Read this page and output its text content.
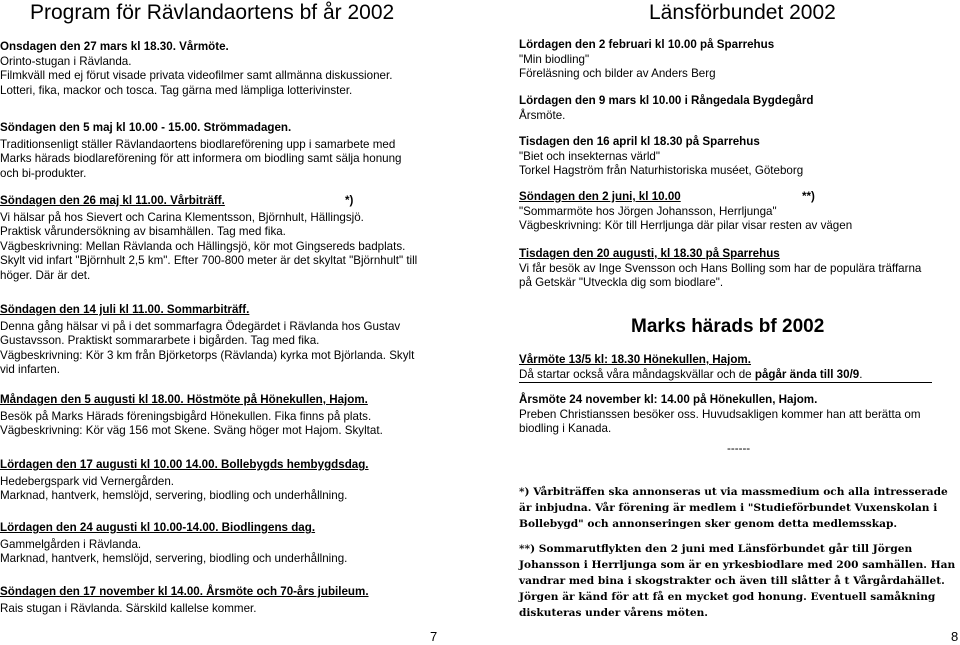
Program för Rävlandaortens bf år 2002
Onsdagen den 27 mars kl 18.30. Vårmöte.
Orinto-stugan i Rävlanda.
Filmkväll med ej förut visade privata videofilmer samt allmänna diskussioner.
Lotteri, fika, mackor och tosca. Tag gärna med lämpliga lotterivinster.
Söndagen den 5 maj kl 10.00 - 15.00. Strömmadagen.
Traditionsenligt ställer Rävlandaortens biodlareförening upp i samarbete med
Marks härads biodlareförening för att informera om biodling samt sälja honung
och bi-produkter.
Söndagen den 26 maj kl 11.00. Vårbiträff.	*)
Vi hälsar på hos Sievert och Carina Klementsson, Björnhult, Hällingsjö.
Praktisk vårundersökning av bisamhällen. Tag med fika.
Vägbeskrivning: Mellan Rävlanda och Hällingsjö, kör mot Gingsereds badplats.
Skylt vid infart "Björnhult 2,5 km". Efter 700-800 meter är det skyltat "Björnhult" till
höger. Där är det.
Söndagen den 14 juli kl 11.00. Sommarbiträff.
Denna gång hälsar vi på i det sommarfagra Ödegärdet i Rävlanda hos Gustav
Gustavsson. Praktiskt sommararbete i bigården. Tag med fika.
Vägbeskrivning: Kör 3 km från Björketorps (Rävlanda) kyrka mot Björlanda. Skylt
vid infarten.
Måndagen den 5 augusti kl 18.00. Höstmöte på Hönekullen, Hajom.
Besök på Marks Härads föreningsbigård Hönekullen. Fika finns på plats.
Vägbeskrivning: Kör väg 156 mot Skene. Sväng höger mot Hajom. Skyltat.
Lördagen den 17 augusti kl 10.00 14.00. Bollebygds hembygdsdag.
Hedebergspark vid Vernergården.
Marknad, hantverk, hemslöjd, servering, biodling och underhållning.
Lördagen den 24 augusti kl 10.00-14.00. Biodlingens dag.
Gammelgården i Rävlanda.
Marknad, hantverk, hemslöjd, servering, biodling och underhållning.
Söndagen den 17 november kl 14.00. Årsmöte och 70-års jubileum.
Rais stugan i Rävlanda. Särskild kallelse kommer.
7
Länsförbundet 2002
Lördagen den 2 februari kl 10.00 på Sparrehus
"Min biodling"
Föreläsning och bilder av Anders Berg
Lördagen den 9 mars kl 10.00 i Rångedala Bygdegård
Årsmöte.
Tisdagen den 16 april kl 18.30 på Sparrehus
"Biet och insekternas värld"
Torkel Hagström från Naturhistoriska muséet, Göteborg
Söndagen den 2 juni, kl 10.00	**)
"Sommarmöte hos Jörgen Johansson, Herrljunga"
Vägbeskrivning: Kör till Herrljunga där pilar visar resten av vägen
Tisdagen den 20 augusti, kl 18.30 på Sparrehus
Vi får besök av Inge Svensson och Hans Bolling som har de populära träffarna
på Getskär "Utveckla dig som biodlare".
Marks härads bf 2002
Vårmöte 13/5 kl: 18.30 Hönekullen, Hajom.
Då startar också våra måndagskvällar och de pågår ända till 30/9.
Årsmöte 24 november kl: 14.00 på Hönekullen, Hajom.
Preben Christianssen besöker oss. Huvudsakligen kommer han att berätta om
biodling i Kanada.
------
*) Vårbiträffen ska annonseras ut via massmedium och alla intresserade är inbjudna. Vår förening är medlem i "Studieförbundet Vuxenskolan i Bollebygd" och annonseringen sker genom detta medlemsskap.
**) Sommarutflykten den 2 juni med Länsförbundet går till Jörgen Johansson i Herrljunga som är en yrkesbiodlare med 200 samhällen. Han vandrar med bina i skogstrakter och även till slåtter å t Vårgårdahället. Jörgen är känd för att få en mycket god honung. Eventuell samåkning diskuteras under vårens möten.
8
